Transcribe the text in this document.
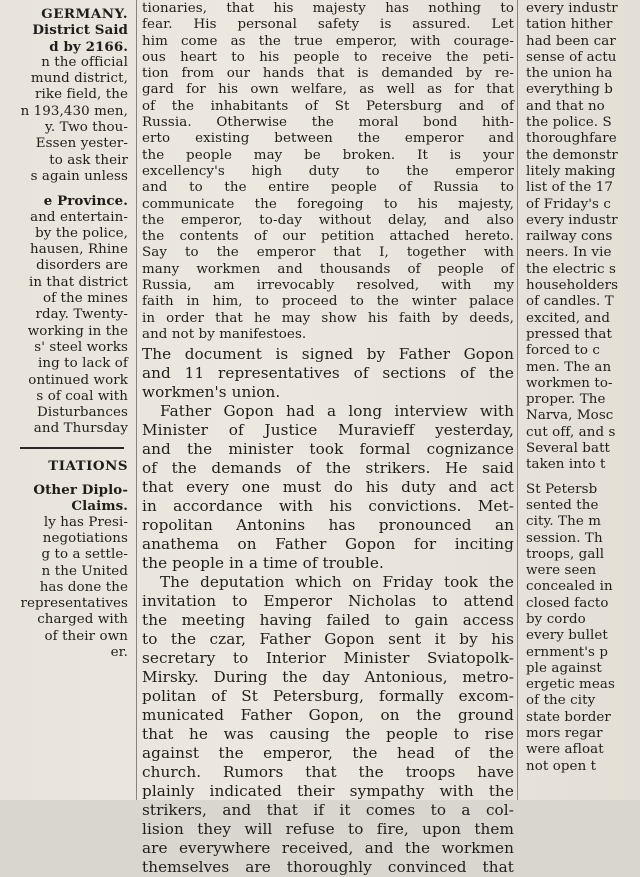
GERMANY.
District Said
d by 2166.
n the official
mund district,
rike field, the
n 193,430 men,
y. Two thou-
Essen yester-
to ask their
s again unless
e Province.
and entertain-
by the police,
hausen, Rhine
disorders are
in that district
of the mines
rday. Twenty-
working in the
s' steel works
ing to lack of
ontinued work
s of coal with
Disturbances
and Thursday
TIATIONS
Other Diplo-
Claims.
ly has Presi-
negotiations
g to a settle-
n the United
has done the
representatives
charged with
of their own
er.
tionaries, that his majesty has nothing to
fear. His personal safety is assured. Let
him come as the true emperor, with courage-
ous heart to his people to receive the peti-
tion from our hands that is demanded by re-
gard for his own welfare, as well as for that
of the inhabitants of St Petersburg and of
Russia. Otherwise the moral bond hith-
erto existing between the emperor and
the people may be broken. It is your
excellency's high duty to the emperor
and to the entire people of Russia to
communicate the foregoing to his majesty,
the emperor, to-day without delay, and also
the contents of our petition attached hereto.
Say to the emperor that I, together with
many workmen and thousands of people of
Russia, am irrevocably resolved, with my
faith in him, to proceed to the winter palace
in order that he may show his faith by deeds,
and not by manifestoes.
The document is signed by Father Gopon
and 11 representatives of sections of the
workmen's union.
Father Gopon had a long interview with
Minister of Justice Muravieff yesterday,
and the minister took formal cognizance
of the demands of the strikers. He said
that every one must do his duty and act
in accordance with his convictions. Met-
ropolitan Antonins has pronounced an
anathema on Father Gopon for inciting
the people in a time of trouble.
The deputation which on Friday took the
invitation to Emperor Nicholas to attend
the meeting having failed to gain access
to the czar, Father Gopon sent it by his
secretary to Interior Minister Sviatopolk-
Mirsky. During the day Antonious, metro-
politan of St Petersburg, formally excom-
municated Father Gopon, on the ground
that he was causing the people to rise
against the emperor, the head of the
church. Rumors that the troops have
plainly indicated their sympathy with the
strikers, and that if it comes to a col-
lision they will refuse to fire, upon them
are everywhere received, and the workmen
themselves are thoroughly convinced that
every industr
tation hither
had been car
sense of actu
the union ha
everything b
and that no
the police. S
thoroughfare
the demonstr
litely making
list of the 17
of Friday's c
every industr
railway cons
neers. In vie
the electric s
householders
of candles. T
excited, and
pressed that
forced to c
men. The an
workmen to-
proper. The
Narva, Mosc
cut off, and s
Several batt
taken into t
St Petersb
sented the
city. The m
session. Th
troops, gall
were seen
concealed in
closed facto
by cordo
every bullet
ernment's p
ple against
ergetic meas
of the city
state border
mors regar
were afloat
not open t
